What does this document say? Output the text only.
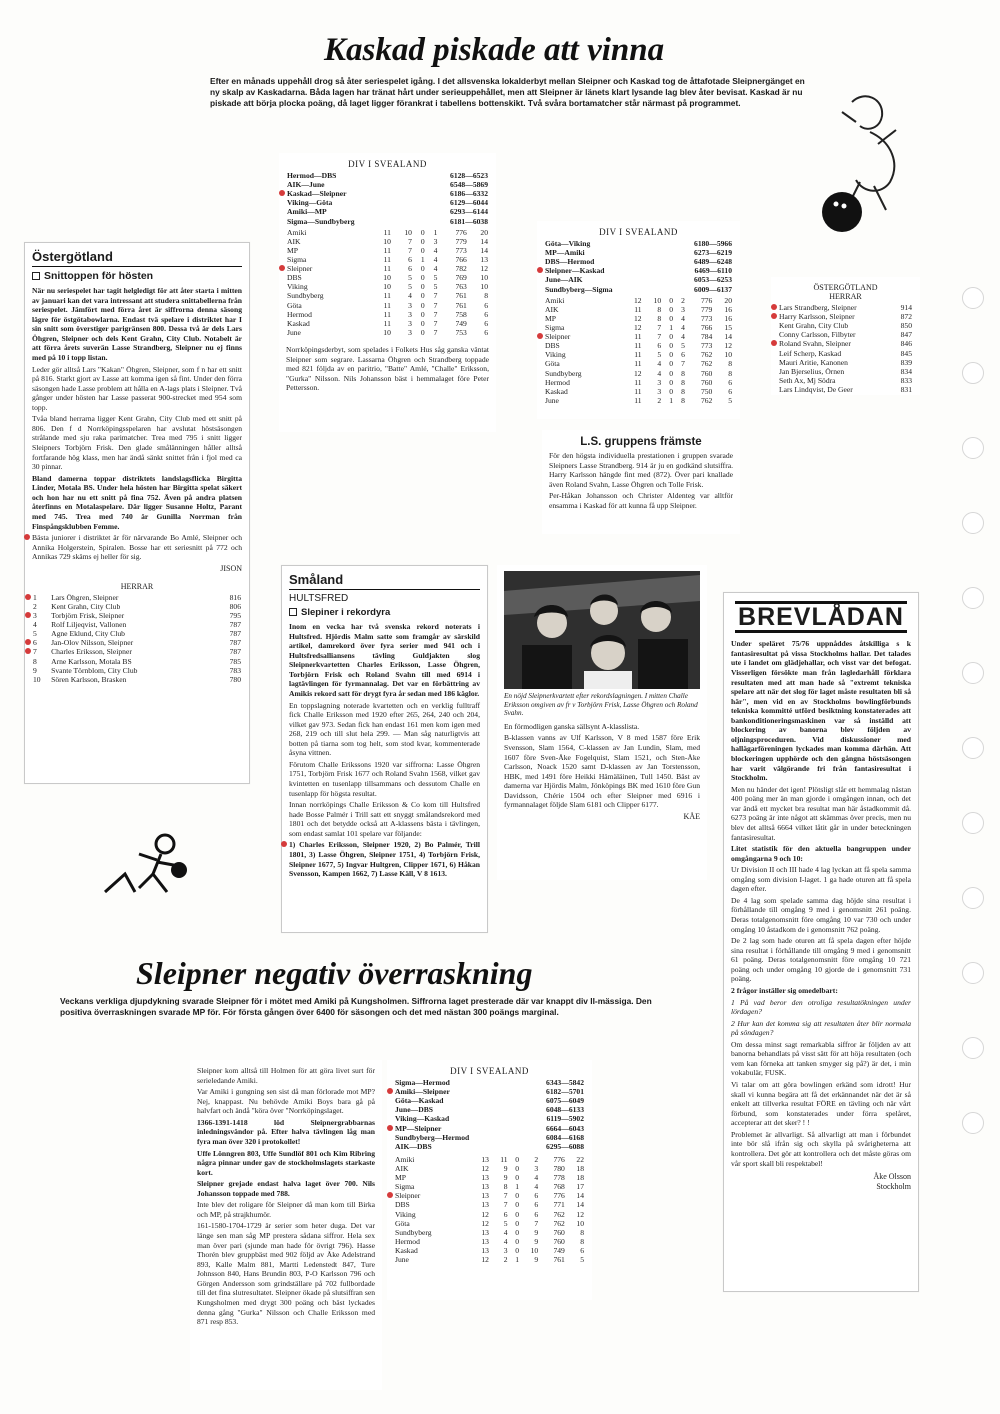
Kaskad piskade att vinna
Efter en månads uppehåll drog så åter seriespelet igång. I det allsvenska lokalderbyt mellan Sleipner och Kaskad tog de åttafotade Sleipnergänget en ny skalp av Kaskadarna. Båda lagen har tränat hårt under serieuppehållet, men att Sleipner är länets klart lysande lag blev åter bevisat. Kaskad är nu piskade att börja plocka poäng, då laget ligger förankrat i tabellens bottenskikt. Två svåra bortamatcher står närmast på programmet.
DIV I SVEALAND
Hermod—DBS	6128—6523
AIK—June	6548—5869
Kaskad—Sleipner	6186—6332
Viking—Göta	6129—6044
Amiki—MP	6293—6144
Sigma—Sundbyberg	6181—6038
Amiki	11	10	0	1	776	20
AIK	10	7	0	3	779	14
MP	11	7	0	4	773	14
Sigma	11	6	1	4	766	13
Sleipner	11	6	0	4	782	12
DBS	10	5	0	5	769	10
Viking	10	5	0	5	763	10
Sundbyberg	11	4	0	7	761	8
Göta	11	3	0	7	761	6
Hermod	11	3	0	7	758	6
Kaskad	11	3	0	7	749	6
June	10	3	0	7	753	6
Norrköpingsderbyt, som spelades i Folkets Hus såg ganska väntat Sleipner som segrare. Lassarna Öhgren och Strandberg toppade med 821 följda av en paritrio, "Batte" Amlé, "Challe" Eriksson, "Gurka" Nilsson. Nils Johansson bäst i hemmalaget före Peter Pettersson.
DIV I SVEALAND
Göta—Viking	6180—5966
MP—Amiki	6273—6219
DBS—Hermod	6489—6248
Sleipner—Kaskad	6469—6110
June—AIK	6053—6253
Sundbyberg—Sigma	6009—6137
Amiki	12	10	0	2	776	20
AIK	11	8	0	3	779	16
MP	12	8	0	4	773	16
Sigma	12	7	1	4	766	15
Sleipner	11	7	0	4	784	14
DBS	11	6	0	5	773	12
Viking	11	5	0	6	762	10
Göta	11	4	0	7	762	8
Sundbyberg	12	4	0	8	760	8
Hermod	11	3	0	8	760	6
Kaskad	11	3	0	8	750	6
June	11	2	1	8	762	5
L.S. gruppens främste
För den högsta individuella prestationen i gruppen svarade Sleipners Lasse Strandberg. 914 är ju en godkänd slutsiffra. Harry Karlsson hängde fint med (872). Över pari knallade även Roland Svahn, Lasse Öhgren och Tolle Frisk.
Per-Håkan Johansson och Christer Aldenteg var alltför ensamma i Kaskad för att kunna få upp Sleipner.
ÖSTERGÖTLAND
HERRAR
Lars Strandberg, Sleipner	914
Harry Karlsson, Sleipner	872
Kent Grahn, City Club	850
Conny Carlsson, Filbyter	847
Roland Svahn, Sleipner	846
Leif Scherp, Kaskad	845
Mauri Aritie, Kanonen	839
Jan Bjerselius, Örnen	834
Seth Ax, Mj Södra	833
Lars Lindqvist, De Geer	831
Östergötland
Snittoppen för hösten
När nu seriespelet har tagit helgledigt för att åter starta i mitten av januari kan det vara intressant att studera snittabellerna från seriespelet. Jämfört med förra året är siffrorna denna säsong lägre för östgötabowlarna. Endast tvä spelare i distriktet har I sin snitt som överstiger parigränsen 800. Dessa två är dels Lars Öhgren, Sleipner och dels Kent Grahn, City Club. Notabelt är att förra årets suverän Lasse Strandberg, Sleipner nu ej finns med på 10 i topp listan.
Leder gör alltså Lars "Kakan" Öhgren, Sleipner, som f n har ett snitt på 816. Starkt gjort av Lasse att komma igen så fint. Under den förra säsongen hade Lasse problem att hålla en A-lags plats i Sleipner. Två gånger under hösten har Lasse passerat 900-strecket med 954 som topp.
Tvåa bland herrarna ligger Kent Grahn, City Club med ett snitt på 806. Den f d Norrköpingsspelaren har avslutat höstsäsongen strålande med sju raka parimatcher. Trea med 795 i snitt ligger Sleipners Torbjörn Frisk. Den glade smålänningen håller alltså fortfarande hög klass, men har ändå sänkt snittet från i fjol med ca 30 pinnar.
Bland damerna toppar distriktets landslagsflicka Birgitta Linder, Motala BS. Under hela hösten har Birgitta spelat säkert och hon har nu ett snitt på fina 752. Även på andra platsen återfinns en Motalaspelare. Där ligger Susanne Holtz, Parant med 745. Trea med 740 är Gunilla Norrman från Finspångsklubben Femme.
Bästa juniorer i distriktet är för närvarande Bo Amlé, Sleipner och Annika Holgerstein, Spiralen. Bosse har ett seriesnitt på 772 och Annikas 729 skäms ej heller för sig.
JISON
HERRAR
1	Lars Öhgren, Sleipner	816
2	Kent Grahn, City Club	806
3	Torbjörn Frisk, Sleipner	795
4	Rolf Liljeqvist, Vallonen	787
5	Agne Eklund, City Club	787
6	Jan-Olov Nilsson, Sleipner	787
7	Charles Eriksson, Sleipner	787
8	Arne Karlsson, Motala BS	785
9	Svante Törnblom, City Club	783
10	Sören Karlsson, Brasken	780
Småland
HULTSFRED
Slepiner i rekordyra
Inom en vecka har två svenska rekord noterats i Hultsfred. Hjördis Malm satte som framgår av särskild artikel, damrekord över fyra serier med 941 och i Hultsfredsalliansens tävling Guldjakten slog Sleipnerkvartetten Charles Eriksson, Lasse Öhgren, Torbjörn Frisk och Roland Svahn till med 6914 i lagtävlingen för fyrmannalag. Det var en förbättring av Amikis rekord satt för drygt fyra år sedan med 186 käglor.
En toppslagning noterade kvartetten och en verklig fulltraff fick Challe Eriksson med 1920 efter 265, 264, 240 och 204, vilket gav 973. Sedan fick han endast 161 men kom igen med 268, 219 och till slut hela 299. — Man såg naturligtvis att botten på tiarna som tog helt, som stod kvar, kommenterade åsyna vittnen.
Förutom Challe Erikssons 1920 var siffrorna: Lasse Öhgren 1751, Torbjörn Frisk 1677 och Roland Svahn 1568, vilket gav kvintetten en tusenlapp tillsammans och dessutom Challe en tusenlapp för högsta resultat.
Innan norrköpings Challe Eriksson & Co kom till Hultsfred hade Bosse Palmér i Trill satt ett snyggt smålandsrekord med 1801 och det betydde också att A-klassens bästa i tävlingen, som endast samlat 101 spelare var följande:
1) Charles Eriksson, Sleipner 1920, 2) Bo Palmér, Trill 1801, 3) Lasse Öhgren, Sleipner 1751, 4) Torbjörn Frisk, Sleipner 1677, 5) Ingvar Hultgren, Clipper 1671, 6) Håkan Svensson, Kampen 1662, 7) Lasse Käll, V 8 1613.
En nöjd Sleipnerkvartett efter rekordslagningen. I mitten Challe Eriksson omgiven av fr v Torbjörn Frisk, Lasse Öhgren och Roland Svahn.
En förmodligen ganska sällsynt A-klasslista.
B-klassen vanns av Ulf Karlsson, V 8 med 1587 före Erik Svensson, Slam 1564, C-klassen av Jan Lundin, Slam, med 1607 före Sven-Åke Fogelquist, Slam 1521, och Sten-Åke Carlsson, Noack 1520 samt D-klassen av Jan Torstensson, HBK, med 1491 före Heikki Hämäläinen, Tull 1450. Bäst av damerna var Hjördis Malm, Jönköpings BK med 1610 före Gun Davidsson, Chérie 1504 och efter Sleipner med 6916 i fyrmannalaget följde Slam 6181 och Clipper 6177.
KÅE
BREVLÅDAN
Under speläret 75/76 uppnåddes åtskilliga s k fantasiresultat på vissa Stockholms hallar. Det talades ute i landet om glädjehallar, och visst var det befogat. Visserligen försökte man från lagledarhåll förklara resultaten med att man hade så "extremt tekniska spelare att när det slog för laget måste resultaten bli så här", men vid en av Stockholms bowlingförbunds tekniska kommitté utförd besiktning konstaterades att bankonditioneringsmaskinen var så inställd att blockering av banorna blev följden av oljningsproceduren. Vid diskussioner med hallägarföreningen lyckades man komma därhän. Att blockeringen upphörde och den gångna höstsäsongen har varit välgörande fri från fantasiresultat i Stockholm.
Men nu händer det igen! Plötsligt slår ett hemmalag nästan 400 poäng mer än man gjorde i omgången innan, och det var ändå ett mycket bra resultat man här åstadkommit då. 6273 poäng är inte något att skämmas över precis, men nu blev det alltså 6664 vilket låtit går in under beteckningen fantasiresultat.
Litet statistik för den aktuella bangruppen under omgångarna 9 och 10:
Ur Division II och III hade 4 lag lyckan att få spela samma omgång som division I-laget. 1 ga hade oturen att få spela dagen efter.
De 4 lag som spelade samma dag höjde sina resultat i förhållande till omgång 9 med i genomsnitt 261 poäng. Deras totalgenomsnitt före omgång 10 var 730 och under omgång 10 åstadkom de i genomsnitt 762 poäng.
De 2 lag som hade oturen att få spela dagen efter höjde sina resultat i förhållande till omgång 9 med i genomsnitt 61 poäng. Deras totalgenomsnitt före omgång 10 721 poäng och under omgång 10 gjorde de i genomsnitt 731 poäng.
2 frågor inställer sig omedelbart:
1 På vad beror den otroliga resultatökningen under lördagen?
2 Hur kan det komma sig att resultaten åter blir normala på söndagen?
Om dessa minst sagt remarkabla siffror är följden av att banorna behandlats på visst sätt för att höja resultaten (och vem kan förneka att tanken smyger sig på?) är det, i min vokabulär, FUSK.
Vi talar om att göra bowlingen erkänd som idrott! Hur skall vi kunna begära att få det erkännandet när det är så enkelt att tillverka resultat FÖRE en tävling och när vårt förbund, som konstaterades under förra spelåret, accepterar att det sker? ! !
Problemet är allvarligt. Så allvarligt att man i förbundet inte bör slå ifrån sig och skylla på svårigheterna att kontrollera. Det gör att kontrollera och det måste göras om vår sport skall bli respektabel!
Åke Olsson
Stockholm
Sleipner negativ överraskning
Veckans verkliga djupdykning svarade Sleipner för i mötet med Amiki på Kungsholmen. Siffrorna laget presterade där var knappt div II-mässiga. Den positiva överraskningen svarade MP för. För första gången över 6400 för säsongen och det med nästan 300 poängs marginal.
Sleipner kom alltså till Holmen för att göra livet surt för serieledande Amiki.
Var Amiki i gungning sen sist då man förlorade mot MP? Nej, knappast. Nu behövde Amiki Boys bara gå på halvfart och ändå "köra över "Norrköpingslaget.
1366-1391-1418 löd Sleipnergrabbarnas inledningsvändor på. Efter halva tävlingen låg man fyra man över 320 i protokollet!
Uffe Lönngren 803, Uffe Sundlöf 801 och Kim Ribring några pinnar under gav de stockholmslagets starkaste kort.
Sleipner grejade endast halva laget över 700. Nils Johansson toppade med 788.
Inte blev det roligare för Sleipner då man kom till Birka och MP, på strajkhumör.
161-1580-1704-1729 är serier som heter duga. Det var länge sen man såg MP prestera sådana siffror. Hela sex man över pari (sjunde man hade för övrigt 796). Hasse Thorén blev gruppbäst med 902 följd av Åke Adelstrand 893, Kalle Malm 881, Martti Ledenstedt 847, Ture Johnsson 840, Hans Brundin 803, P-O Karlsson 796 och Görgen Andersson som grindställare på 702 fullbordade till det fina slutresultatet. Sleipner ökade på slutsiffran sen Kungsholmen med drygt 300 poäng och bäst lyckades denna gång "Gurka" Nilsson och Challe Eriksson med 871 resp 853.
DIV I SVEALAND
Sigma—Hermod	6343—5842
Amiki—Sleipner	6182—5701
Göta—Kaskad	6075—6049
June—DBS	6048—6133
Viking—Kaskad	6119—5902
MP—Sleipner	6664—6043
Sundbyberg—Hermod	6084—6168
AIK—DBS	6295—6088
Amiki	13	11	0	2	776	22
AIK	12	9	0	3	780	18
MP	13	9	0	4	778	18
Sigma	13	8	1	4	768	17
Sleipner	13	7	0	6	776	14
DBS	13	7	0	6	771	14
Viking	12	6	0	6	762	12
Göta	12	5	0	7	762	10
Sundbyberg	13	4	0	9	760	8
Hermod	13	4	0	9	760	8
Kaskad	13	3	0	10	749	6
June	12	2	1	9	761	5
